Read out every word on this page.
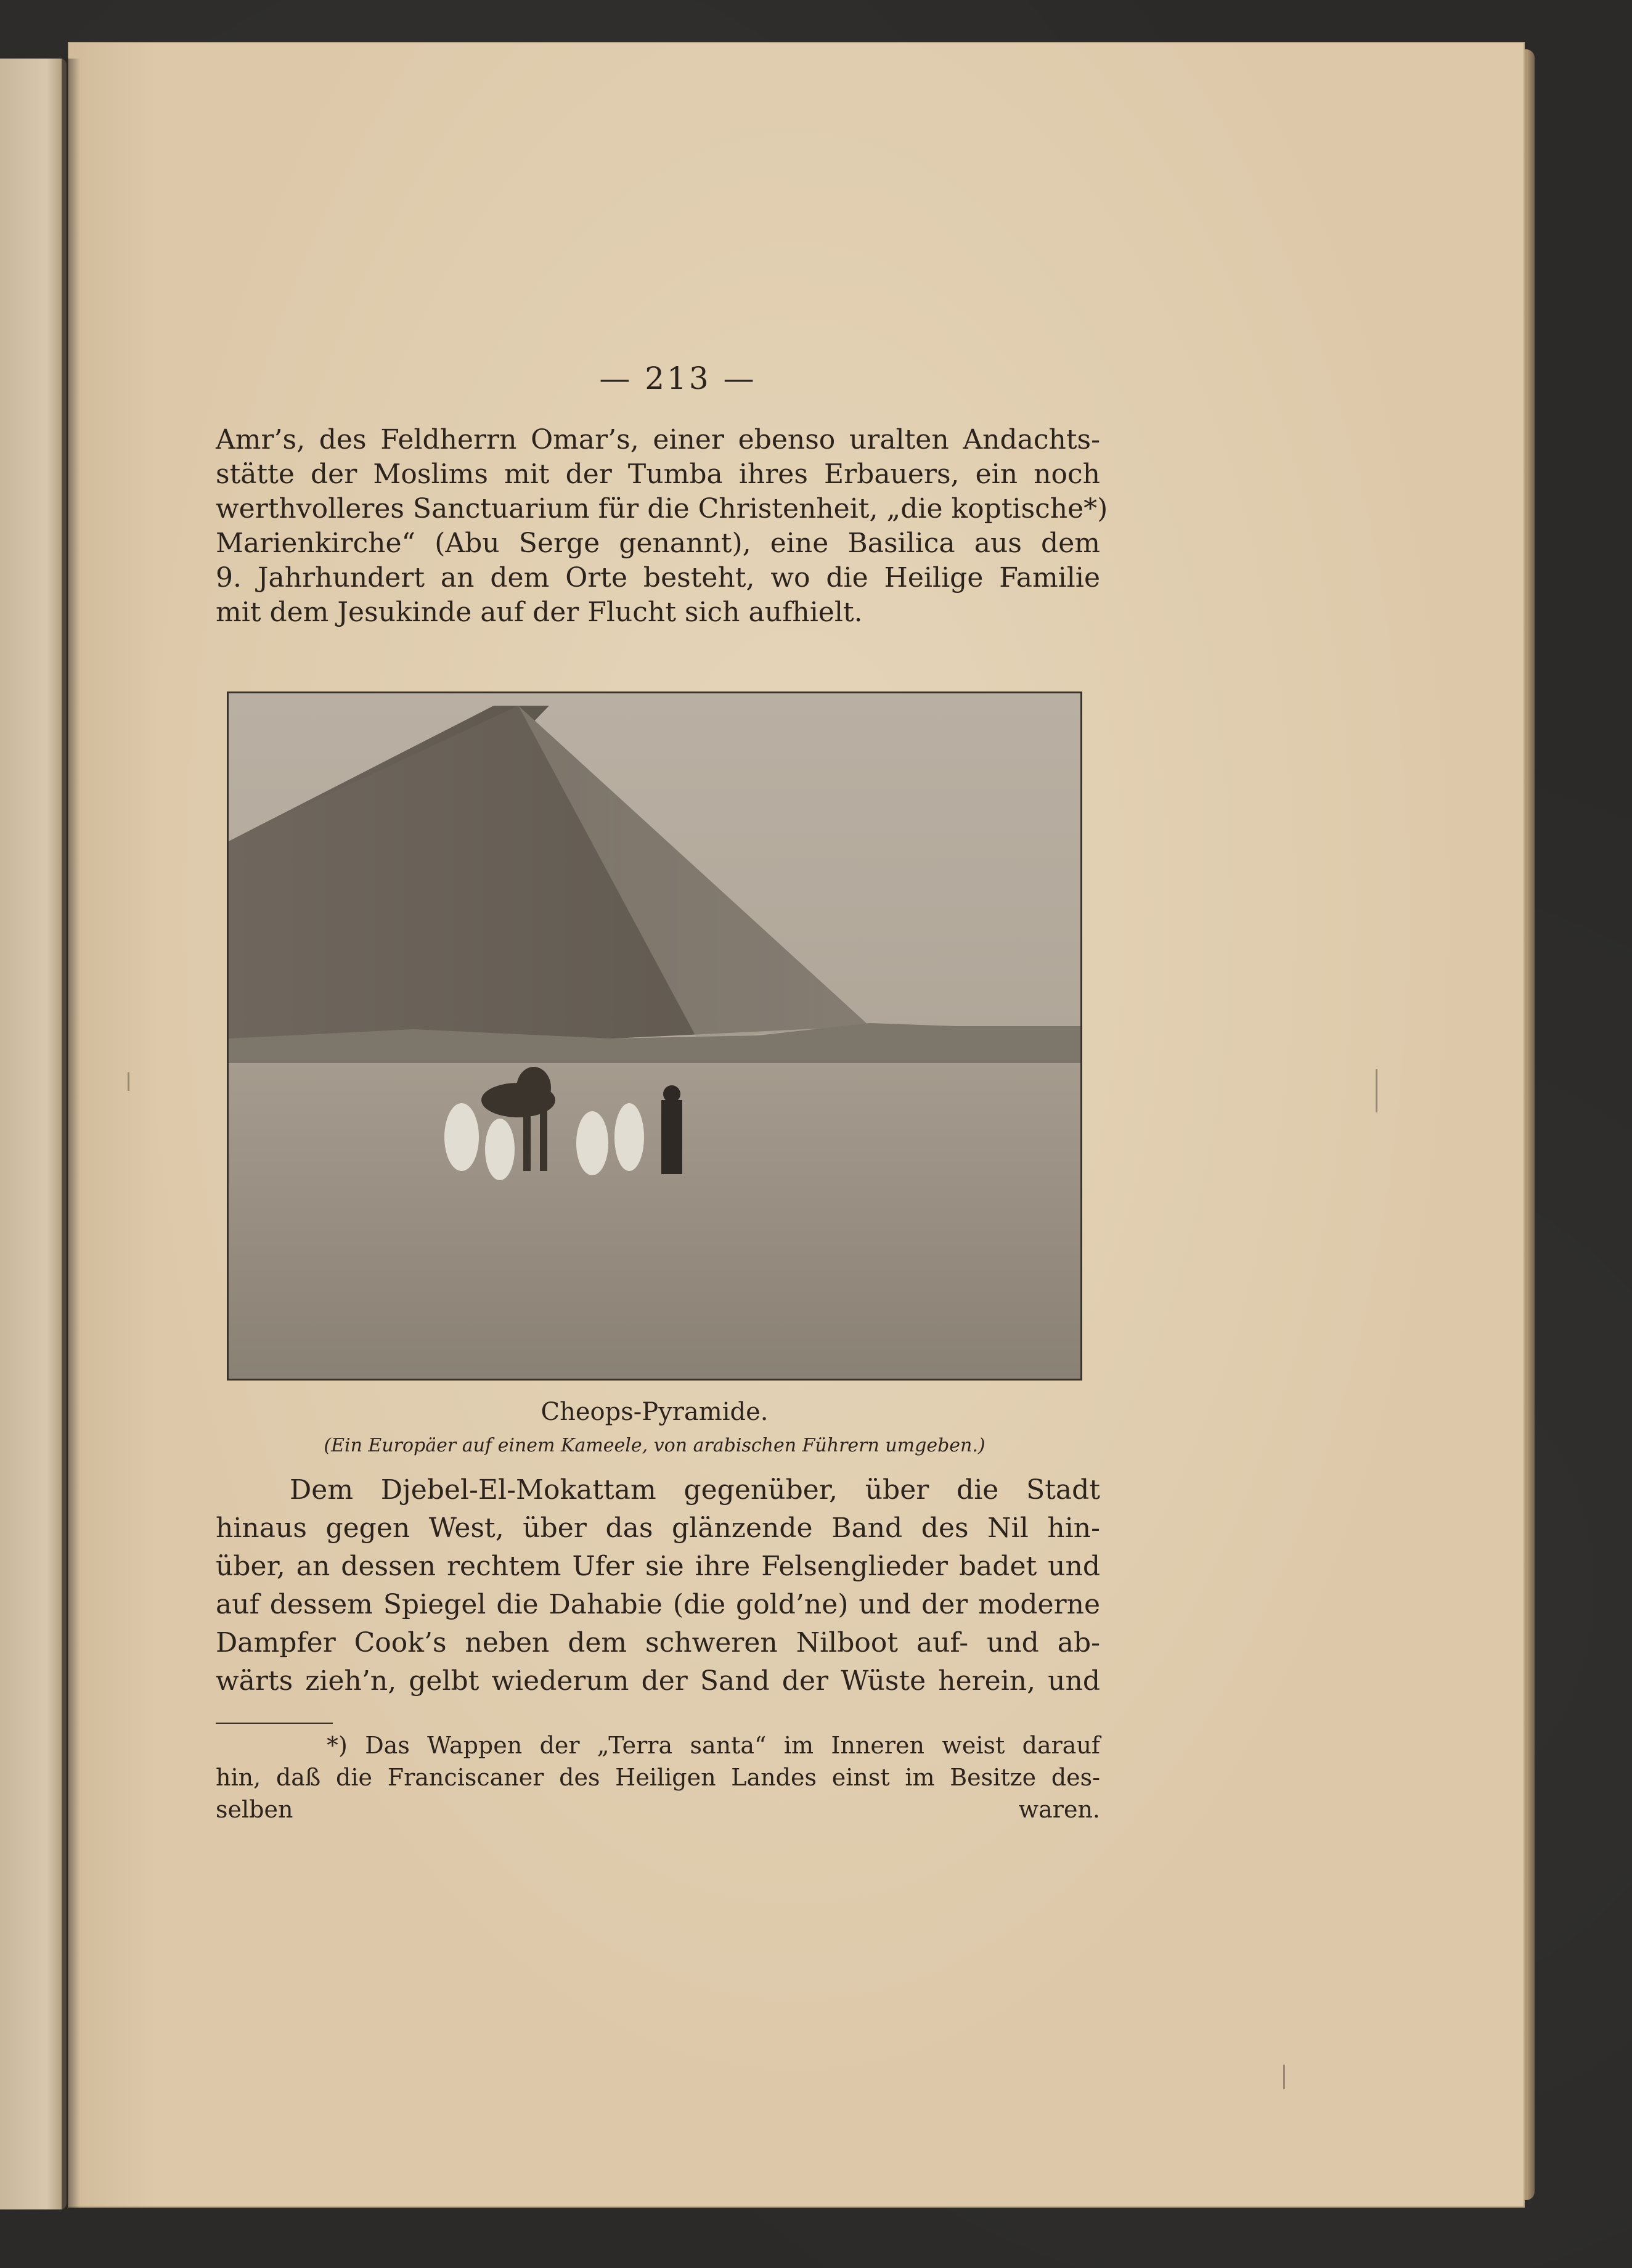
— 213 —
Amr’s, des Feldherrn Omar’s, einer ebenso uralten Andachts-
stätte der Moslims mit der Tumba ihres Erbauers, ein noch
werthvolleres Sanctuarium für die Christenheit, „die koptische*)
Marienkirche“ (Abu Serge genannt), eine Basilica aus dem
9. Jahrhundert an dem Orte besteht, wo die Heilige Familie
mit dem Jesukinde auf der Flucht sich aufhielt.
Cheops-Pyramide.
(Ein Europäer auf einem Kameele, von arabischen Führern umgeben.)
Dem Djebel-El-Mokattam gegenüber, über die Stadt
hinaus gegen West, über das glänzende Band des Nil hin-
über, an dessen rechtem Ufer sie ihre Felsenglieder badet und
auf dessem Spiegel die Dahabie (die gold’ne) und der moderne
Dampfer Cook’s neben dem schweren Nilboot auf- und ab-
wärts zieh’n, gelbt wiederum der Sand der Wüste herein, und
*) Das Wappen der „Terra santa“ im Inneren weist darauf
hin, daß die Franciscaner des Heiligen Landes einst im Besitze des-
selben waren.
